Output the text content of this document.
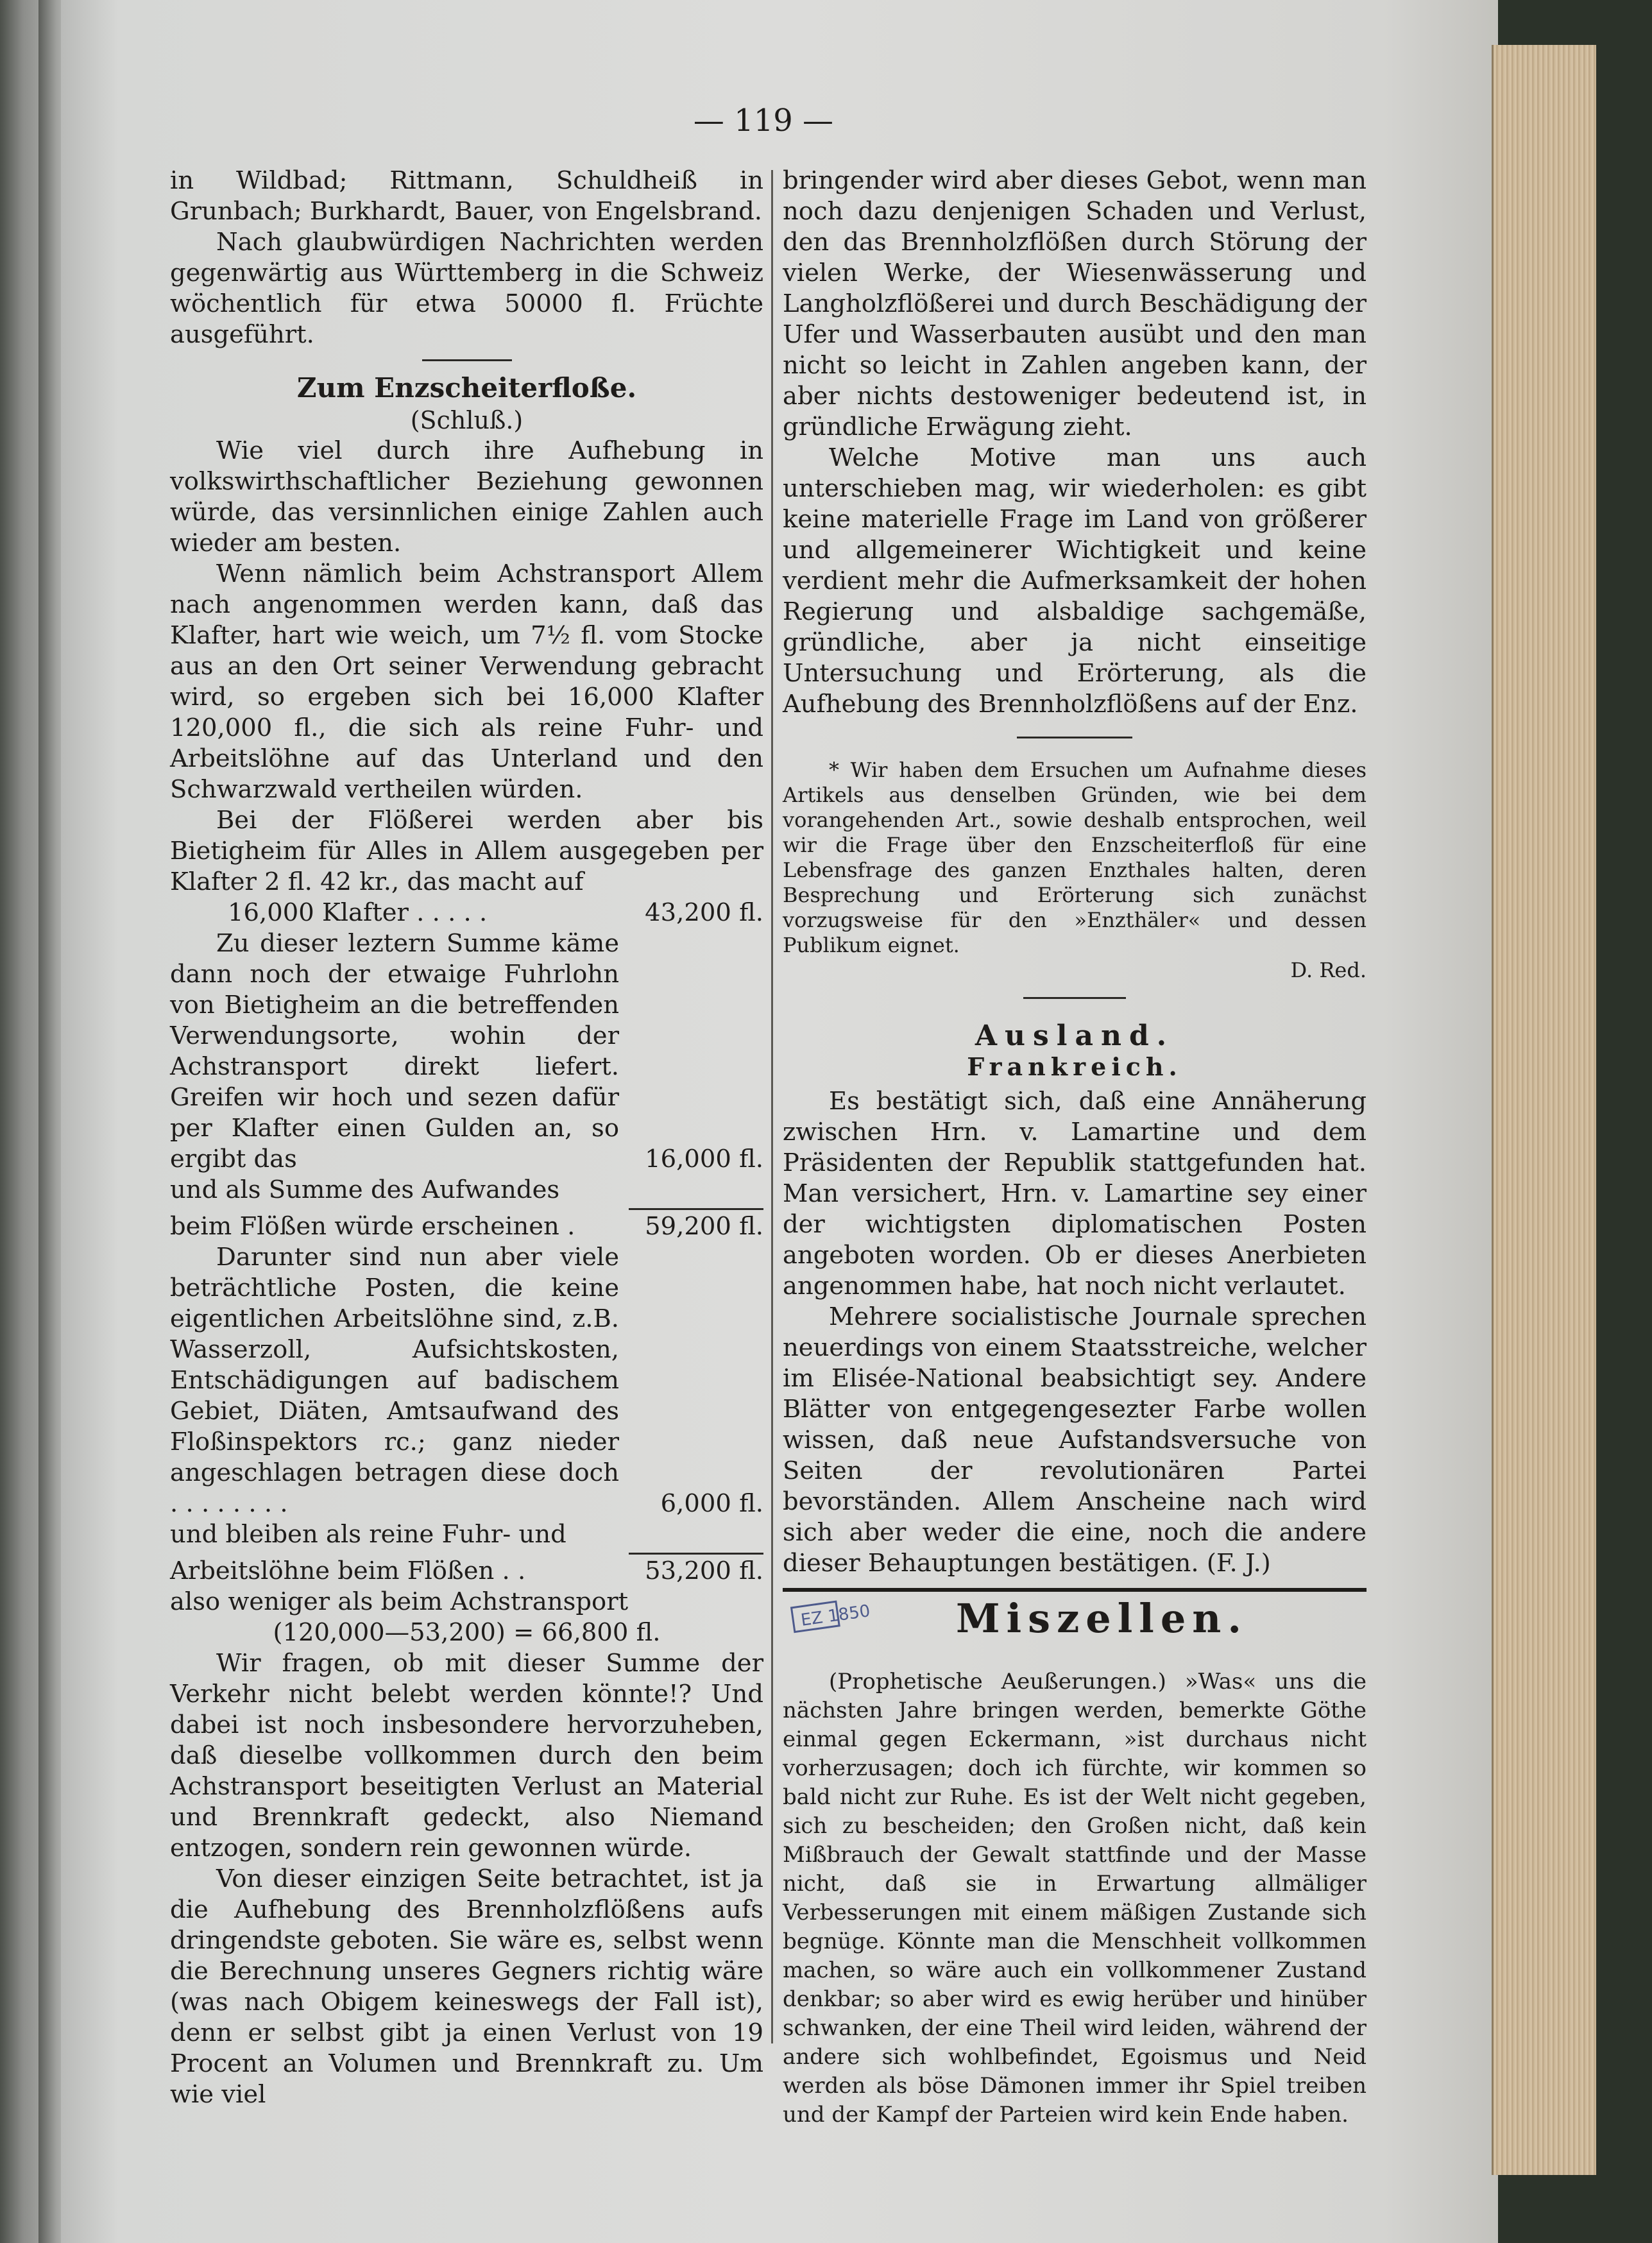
— 119 —

in Wildbad; Rittmann, Schuldheiß in Grunbach; Burkhardt, Bauer, von Engelsbrand.

Nach glaubwürdigen Nachrichten werden gegenwärtig aus Württemberg in die Schweiz wöchentlich für etwa 50000 fl. Früchte ausgeführt.

Zum Enzscheiterfloße.
(Schluß.)

Wie viel durch ihre Aufhebung in volkswirthschaftlicher Beziehung gewonnen würde, das versinnlichen einige Zahlen auch wieder am besten.

Wenn nämlich beim Achstransport Allem nach angenommen werden kann, daß das Klafter, hart wie weich, um 7½ fl. vom Stocke aus an den Ort seiner Verwendung gebracht wird, so ergeben sich bei 16,000 Klafter 120,000 fl., die sich als reine Fuhr- und Arbeitslöhne auf das Unterland und den Schwarzwald vertheilen würden.

Bei der Flößerei werden aber bis Bietigheim für Alles in Allem ausgegeben per Klafter 2 fl. 42 kr., das macht auf

16,000 Klafter . . . . .	43,200 fl.

Zu dieser leztern Summe käme dann noch der etwaige Fuhrlohn von Bietigheim an die betreffenden Verwendungsorte, wohin der Achstransport direkt liefert. Greifen wir hoch und sezen dafür per Klafter einen Gulden an, so ergibt das	16,000 fl.
und als Summe des Aufwandes
beim Flößen würde erscheinen .	59,200 fl.

Darunter sind nun aber viele beträchtliche Posten, die keine eigentlichen Arbeitslöhne sind, z.B. Wasserzoll, Aufsichtskosten, Entschädigungen auf badischem Gebiet, Diäten, Amtsaufwand des Floßinspektors rc.; ganz nieder angeschlagen betragen diese doch . . . . . . . .	6,000 fl.
und bleiben als reine Fuhr- und
Arbeitslöhne beim Flößen . .	53,200 fl.

also weniger als beim Achstransport

(120,000—53,200) = 66,800 fl.

Wir fragen, ob mit dieser Summe der Verkehr nicht belebt werden könnte!? Und dabei ist noch insbesondere hervorzuheben, daß dieselbe vollkommen durch den beim Achstransport beseitigten Verlust an Material und Brennkraft gedeckt, also Niemand entzogen, sondern rein gewonnen würde.

Von dieser einzigen Seite betrachtet, ist ja die Aufhebung des Brennholzflößens aufs dringendste geboten. Sie wäre es, selbst wenn die Berechnung unseres Gegners richtig wäre (was nach Obigem keineswegs der Fall ist), denn er selbst gibt ja einen Verlust von 19 Procent an Volumen und Brennkraft zu. Um wie viel

bringender wird aber dieses Gebot, wenn man noch dazu denjenigen Schaden und Verlust, den das Brennholzflößen durch Störung der vielen Werke, der Wiesenwässerung und Langholzflößerei und durch Beschädigung der Ufer und Wasserbauten ausübt und den man nicht so leicht in Zahlen angeben kann, der aber nichts destoweniger bedeutend ist, in gründliche Erwägung zieht.

Welche Motive man uns auch unterschieben mag, wir wiederholen: es gibt keine materielle Frage im Land von größerer und allgemeinerer Wichtigkeit und keine verdient mehr die Aufmerksamkeit der hohen Regierung und alsbaldige sachgemäße, gründliche, aber ja nicht einseitige Untersuchung und Erörterung, als die Aufhebung des Brennholzflößens auf der Enz.

* Wir haben dem Ersuchen um Aufnahme dieses Artikels aus denselben Gründen, wie bei dem vorangehenden Art., sowie deshalb entsprochen, weil wir die Frage über den Enzscheiterfloß für eine Lebensfrage des ganzen Enzthales halten, deren Besprechung und Erörterung sich zunächst vorzugsweise für den »Enzthäler« und dessen Publikum eignet.

D. Red.
Ausland.
Frankreich.

Es bestätigt sich, daß eine Annäherung zwischen Hrn. v. Lamartine und dem Präsidenten der Republik stattgefunden hat. Man versichert, Hrn. v. Lamartine sey einer der wichtigsten diplomatischen Posten angeboten worden. Ob er dieses Anerbieten angenommen habe, hat noch nicht verlautet.

Mehrere socialistische Journale sprechen neuerdings von einem Staatsstreiche, welcher im Elisée-National beabsichtigt sey. Andere Blätter von entgegengesezter Farbe wollen wissen, daß neue Aufstandsversuche von Seiten der revolutionären Partei bevorständen. Allem Anscheine nach wird sich aber weder die eine, noch die andere dieser Behauptungen bestätigen. (F. J.)

EZ 1850 Miszellen.

(Prophetische Aeußerungen.) »Was« uns die nächsten Jahre bringen werden, bemerkte Göthe einmal gegen Eckermann, »ist durchaus nicht vorherzusagen; doch ich fürchte, wir kommen so bald nicht zur Ruhe. Es ist der Welt nicht gegeben, sich zu bescheiden; den Großen nicht, daß kein Mißbrauch der Gewalt stattfinde und der Masse nicht, daß sie in Erwartung allmäliger Verbesserungen mit einem mäßigen Zustande sich begnüge. Könnte man die Menschheit vollkommen machen, so wäre auch ein vollkommener Zustand denkbar; so aber wird es ewig herüber und hinüber schwanken, der eine Theil wird leiden, während der andere sich wohlbefindet, Egoismus und Neid werden als böse Dämonen immer ihr Spiel treiben und der Kampf der Parteien wird kein Ende haben.
